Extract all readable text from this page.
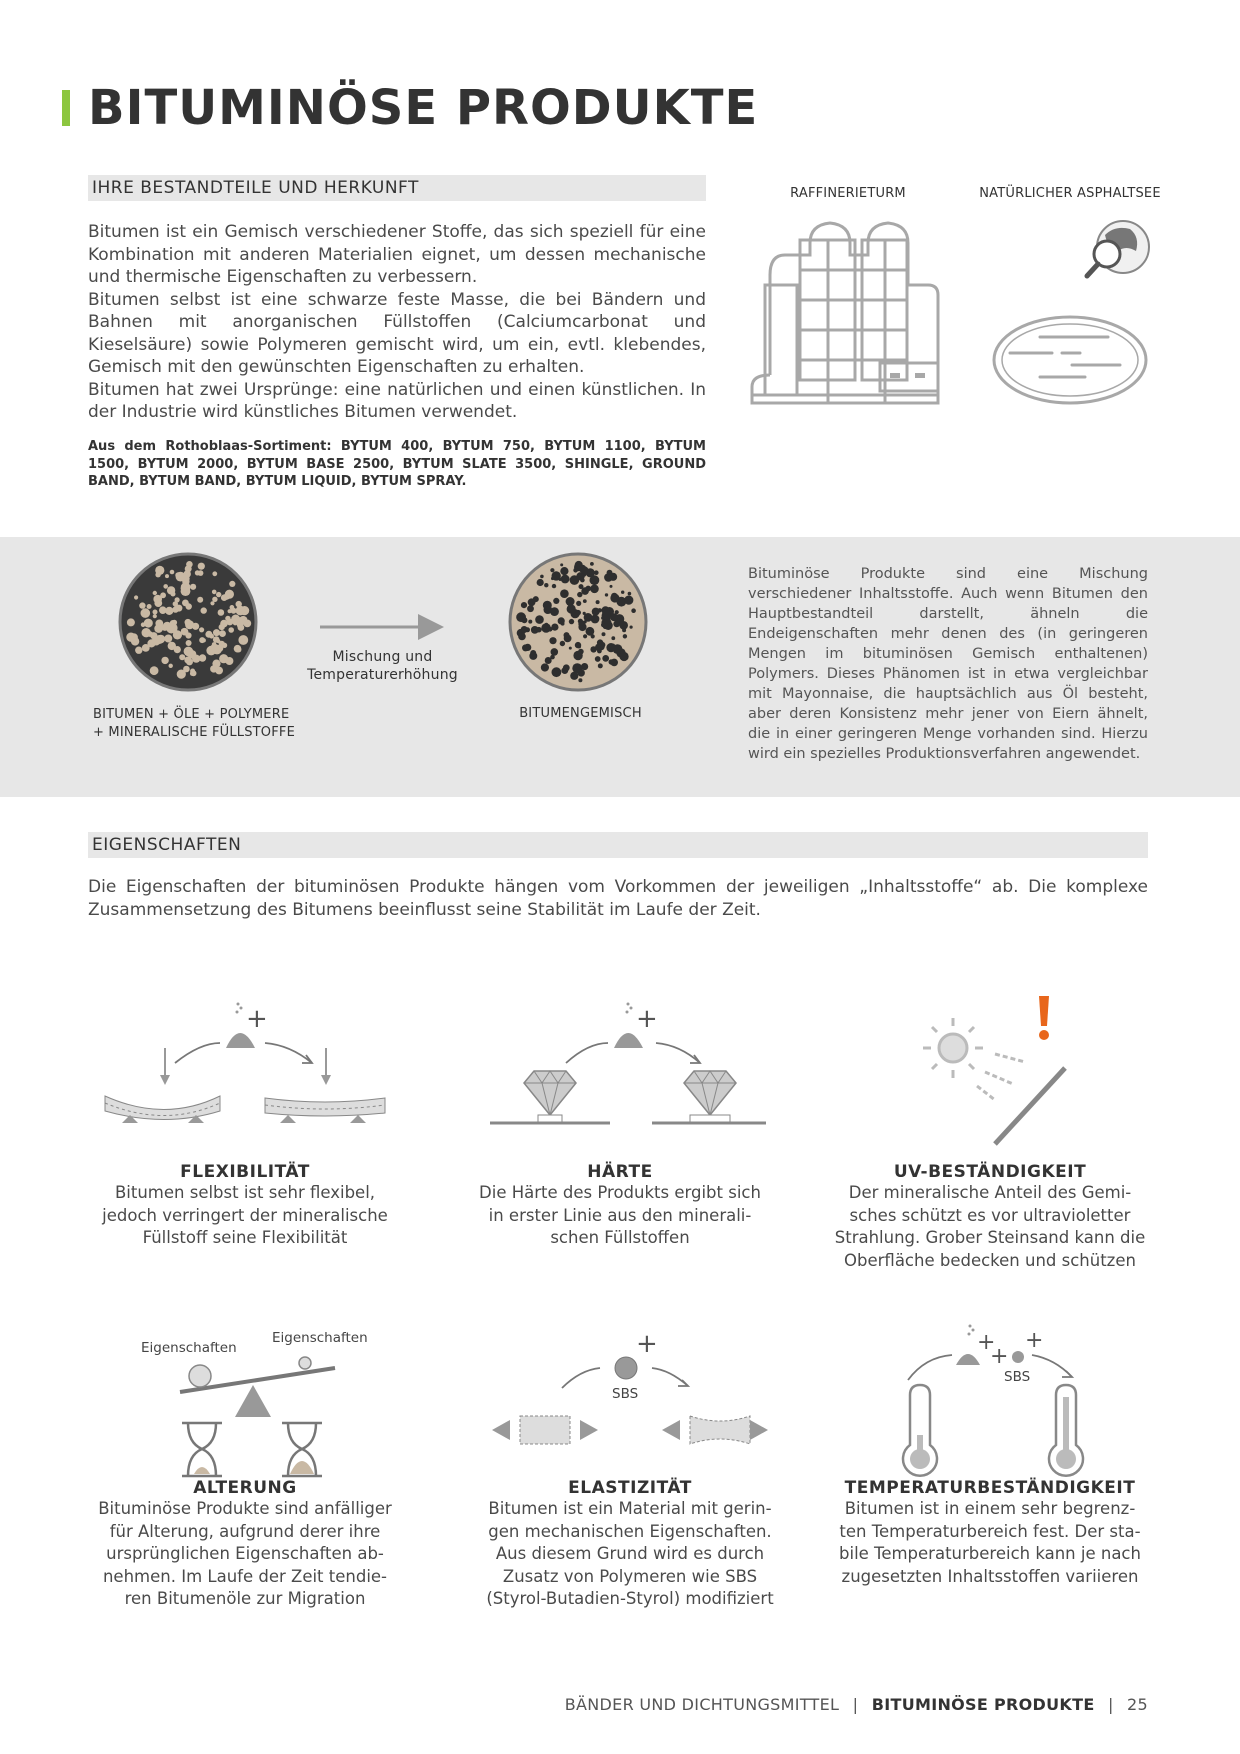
BITUMINÖSE PRODUKTE
IHRE BESTANDTEILE UND HERKUNFT

Bitumen ist ein Gemisch verschiedener Stoffe, das sich speziell für eine Kombination mit anderen Materialien eignet, um dessen mechanische und thermische Eigenschaften zu verbessern.

Bitumen selbst ist eine schwarze feste Masse, die bei Bändern und Bahnen mit anorganischen Füllstoffen (Calciumcarbonat und Kieselsäure) sowie Polymeren gemischt wird, um ein, evtl. klebendes, Gemisch mit den gewünschten Eigenschaften zu erhalten.

Bitumen hat zwei Ursprünge: eine natürlichen und einen künstlichen. In der Industrie wird künstliches Bitumen verwendet.

Aus dem Rothoblaas-Sortiment: BYTUM 400, BYTUM 750, BYTUM 1100, BYTUM 1500, BYTUM 2000, BYTUM BASE 2500, BYTUM SLATE 3500, SHINGLE, GROUND BAND, BYTUM BAND, BYTUM LIQUID, BYTUM SPRAY.
RAFFINERIETURM	NATÜRLICHER ASPHALTSEE
BITUMEN + ÖLE + POLYMERE
+ MINERALISCHE FÜLLSTOFFE
Mischung und
Temperaturerhöhung
BITUMENGEMISCH
Bituminöse Produkte sind eine Mischung verschiedener Inhaltsstoffe. Auch wenn Bitumen den Hauptbestandteil darstellt, ähneln die Endeigenschaften mehr denen des (in geringeren Mengen im bituminösen Gemisch enthaltenen) Polymers. Dieses Phänomen ist in etwa vergleichbar mit Mayonnaise, die hauptsächlich aus Öl besteht, aber deren Konsistenz mehr jener von Eiern ähnelt, die in einer geringeren Menge vorhanden sind. Hierzu wird ein spezielles Produktionsverfahren angewendet.
EIGENSCHAFTEN
Die Eigenschaften der bituminösen Produkte hängen vom Vorkommen der jeweiligen „Inhaltsstoffe“ ab. Die komplexe Zusammensetzung des Bitumens beeinflusst seine Stabilität im Laufe der Zeit.
+	+
Eigenschaften
Eigenschaften	+
SBS
+
+
+
SBS
FLEXIBILITÄT
Bitumen selbst ist sehr flexibel,
jedoch verringert der mineralische
Füllstoff seine Flexibilität
HÄRTE
Die Härte des Produkts ergibt sich
in erster Linie aus den minerali-
schen Füllstoffen
UV-BESTÄNDIGKEIT
Der mineralische Anteil des Gemi-
sches schützt es vor ultravioletter
Strahlung. Grober Steinsand kann die
Oberfläche bedecken und schützen
ALTERUNG
Bituminöse Produkte sind anfälliger
für Alterung, aufgrund derer ihre
ursprünglichen Eigenschaften ab-
nehmen. Im Laufe der Zeit tendie-
ren Bitumenöle zur Migration
ELASTIZITÄT
Bitumen ist ein Material mit gerin-
gen mechanischen Eigenschaften.
Aus diesem Grund wird es durch
Zusatz von Polymeren wie SBS
(Styrol-Butadien-Styrol) modifiziert
TEMPERATURBESTÄNDIGKEIT
Bitumen ist in einem sehr begrenz-
ten Temperaturbereich fest. Der sta-
bile Temperaturbereich kann je nach
zugesetzten Inhaltsstoffen variieren
BÄNDER UND DICHTUNGSMITTEL | BITUMINÖSE PRODUKTE | 25
